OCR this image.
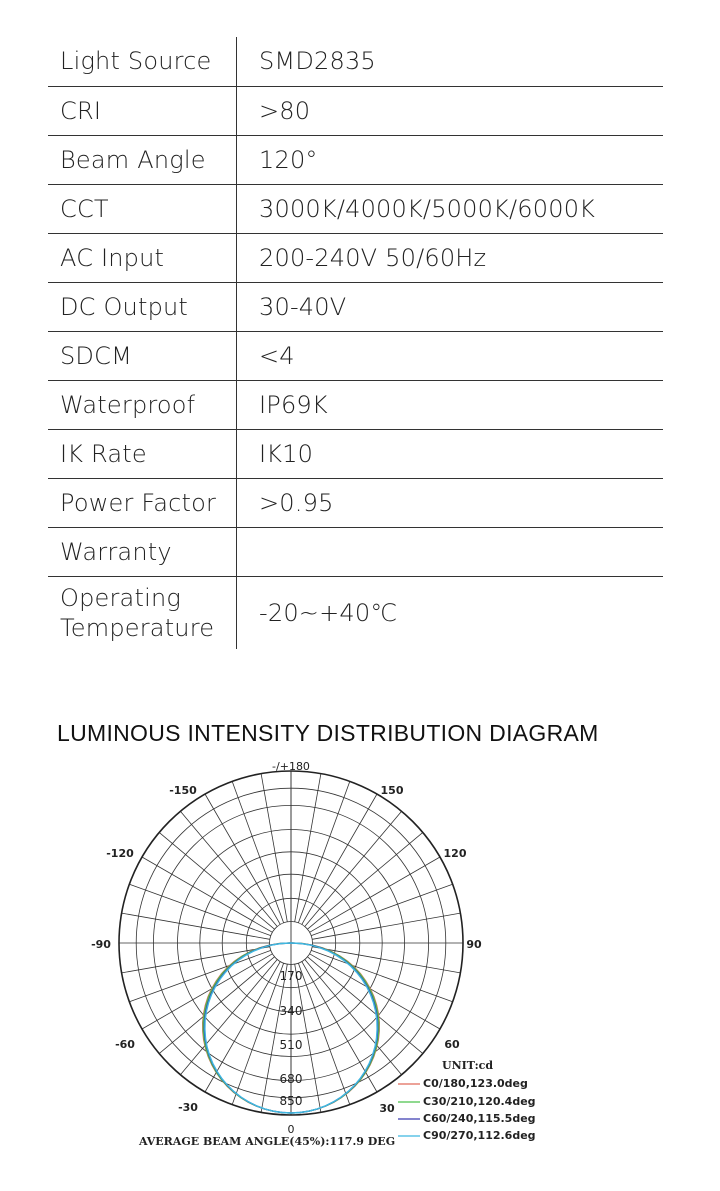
Light Source	SMD2835
CRI	>80
Beam Angle	120°
CCT	3000K/4000K/5000K/6000K
AC Input	200-240V 50/60Hz
DC Output	30-40V
SDCM	<4
Waterproof	IP69K
IK Rate	IK10
Power Factor	>0.95
Warranty	
Operating
Temperature	-20~+40℃
LUMINOUS INTENSITY DISTRIBUTION DIAGRAM
-/+180
-150	150
-120	120
-90	90
-60	60
-30	30
0
170
340
510
680
850
UNIT:cd
C0/180,123.0deg
C30/210,120.4deg
C60/240,115.5deg
C90/270,112.6deg
AVERAGE BEAM ANGLE(45%):117.9 DEG
